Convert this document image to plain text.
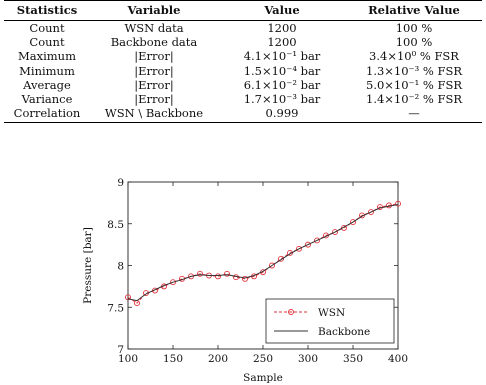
Statistics	Variable	Value	Relative Value
Count	WSN data	1200	100 %
Count	Backbone data	1200	100 %
Maximum	|Error|	4.1×10⁻¹ bar	3.4×10⁰ % FSR
Minimum	|Error|	1.5×10⁻⁴ bar	1.3×10⁻³ % FSR
Average	|Error|	6.1×10⁻² bar	5.0×10⁻¹ % FSR
Variance	|Error|	1.7×10⁻³ bar	1.4×10⁻² % FSR
Correlation	WSN \ Backbone	0.999	—
100 150 200 250 300 350 400
7
7.5
8
8.5
9
Sample
Pressure [bar]
WSN
Backbone
